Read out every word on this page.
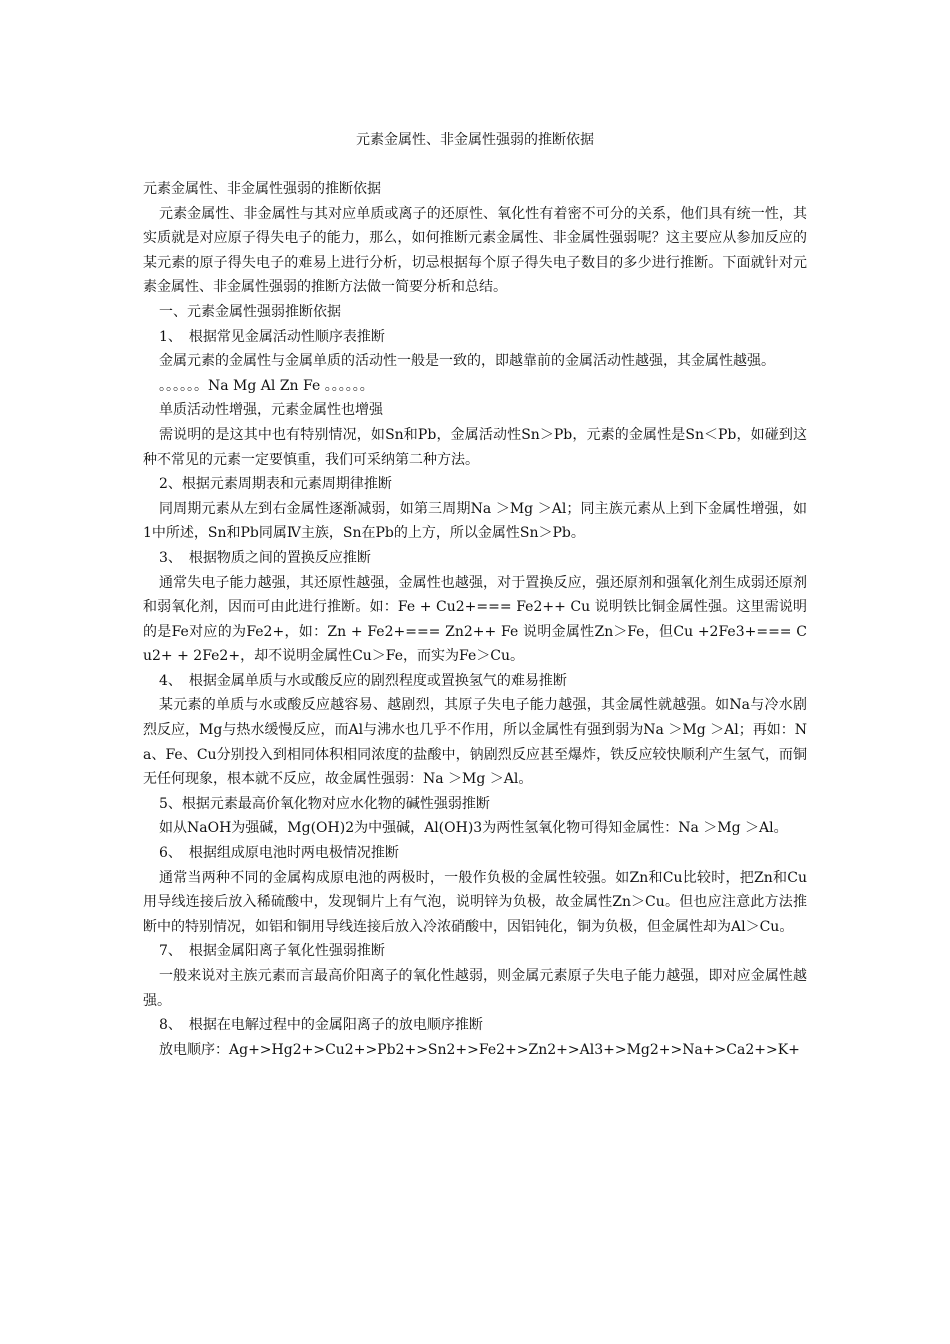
元素金属性、非金属性强弱的推断依据

元素金属性、非金属性强弱的推断依据

元素金属性、非金属性与其对应单质或离子的还原性、氧化性有着密不可分的关系，他们具有统一性，其实质就是对应原子得失电子的能力，那么，如何推断元素金属性、非金属性强弱呢？这主要应从参加反应的某元素的原子得失电子的难易上进行分析，切忌根据每个原子得失电子数目的多少进行推断。下面就针对元素金属性、非金属性强弱的推断方法做一简要分析和总结。

一、元素金属性强弱推断依据

1、　根据常见金属活动性顺序表推断

金属元素的金属性与金属单质的活动性一般是一致的，即越靠前的金属活动性越强，其金属性越强。

。。。。。。Na Mg Al Zn Fe 。。。。。。

单质活动性增强，元素金属性也增强

需说明的是这其中也有特别情况，如Sn和Pb，金属活动性Sn＞Pb，元素的金属性是Sn＜Pb，如碰到这种不常见的元素一定要慎重，我们可采纳第二种方法。

2、根据元素周期表和元素周期律推断

同周期元素从左到右金属性逐渐减弱，如第三周期Na ＞Mg ＞Al；同主族元素从上到下金属性增强，如1中所述，Sn和Pb同属Ⅳ主族，Sn在Pb的上方，所以金属性Sn＞Pb。

3、　根据物质之间的置换反应推断

通常失电子能力越强，其还原性越强，金属性也越强，对于置换反应，强还原剂和强氧化剂生成弱还原剂和弱氧化剂，因而可由此进行推断。如：Fe + Cu2+=== Fe2++ Cu 说明铁比铜金属性强。这里需说明的是Fe对应的为Fe2+，如：Zn + Fe2+=== Zn2++ Fe 说明金属性Zn＞Fe，但Cu +2Fe3+=== Cu2+ + 2Fe2+，却不说明金属性Cu＞Fe，而实为Fe＞Cu。

4、　根据金属单质与水或酸反应的剧烈程度或置换氢气的难易推断

某元素的单质与水或酸反应越容易、越剧烈，其原子失电子能力越强，其金属性就越强。如Na与冷水剧烈反应，Mg与热水缓慢反应，而Al与沸水也几乎不作用，所以金属性有强到弱为Na ＞Mg ＞Al；再如：Na、Fe、Cu分别投入到相同体积相同浓度的盐酸中，钠剧烈反应甚至爆炸，铁反应较快顺利产生氢气，而铜无任何现象，根本就不反应，故金属性强弱：Na ＞Mg ＞Al。

5、根据元素最高价氧化物对应水化物的碱性强弱推断

如从NaOH为强碱，Mg(OH)2为中强碱，Al(OH)3为两性氢氧化物可得知金属性：Na ＞Mg ＞Al。

6、　根据组成原电池时两电极情况推断

通常当两种不同的金属构成原电池的两极时，一般作负极的金属性较强。如Zn和Cu比较时，把Zn和Cu用导线连接后放入稀硫酸中，发现铜片上有气泡，说明锌为负极，故金属性Zn＞Cu。但也应注意此方法推断中的特别情况，如铝和铜用导线连接后放入冷浓硝酸中，因铝钝化，铜为负极，但金属性却为Al＞Cu。

7、　根据金属阳离子氧化性强弱推断

一般来说对主族元素而言最高价阳离子的氧化性越弱，则金属元素原子失电子能力越强，即对应金属性越强。

8、　根据在电解过程中的金属阳离子的放电顺序推断

放电顺序：Ag+>Hg2+>Cu2+>Pb2+>Sn2+>Fe2+>Zn2+>Al3+>Mg2+>Na+>Ca2+>K+
